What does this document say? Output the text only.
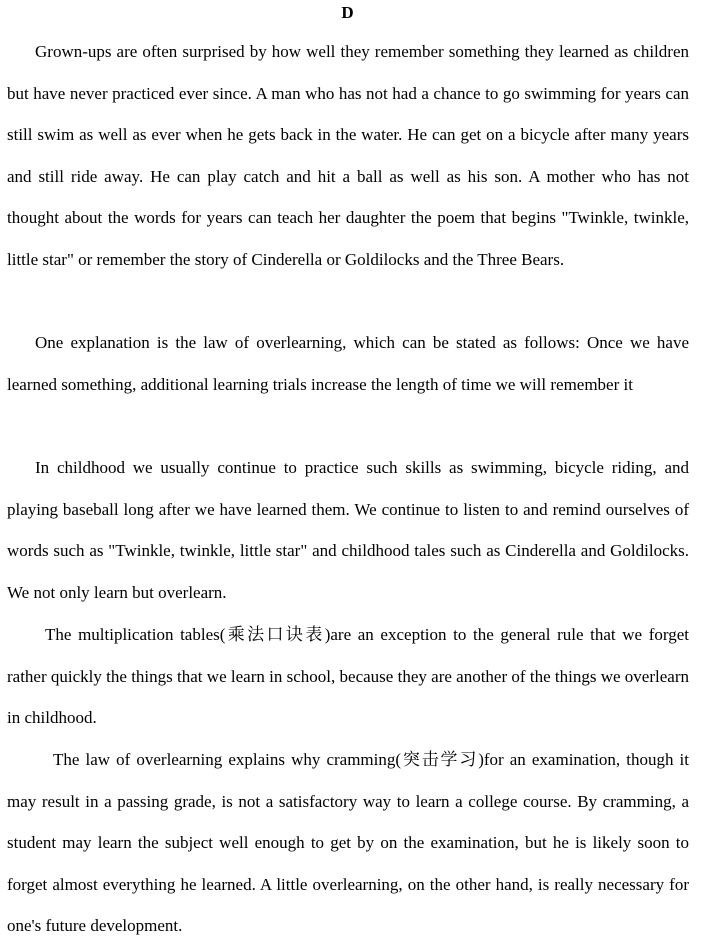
D

Grown-ups are often surprised by how well they remember something they learned as children but have never practiced ever since. A man who has not had a chance to go swimming for years can still swim as well as ever when he gets back in the water. He can get on a bicycle after many years and still ride away. He can play catch and hit a ball as well as his son. A mother who has not thought about the words for years can teach her daughter the poem that begins "Twinkle, twinkle, little star" or remember the story of Cinderella or Goldilocks and the Three Bears.

One explanation is the law of overlearning, which can be stated as follows: Once we have learned something, additional learning trials increase the length of time we will remember it

In childhood we usually continue to practice such skills as swimming, bicycle riding, and playing baseball long after we have learned them. We continue to listen to and remind ourselves of words such as "Twinkle, twinkle, little star" and childhood tales such as Cinderella and Goldilocks. We not only learn but overlearn.

The multiplication tables(乘法口诀表)are an exception to the general rule that we forget rather quickly the things that we learn in school, because they are another of the things we overlearn in childhood.

The law of overlearning explains why cramming(突击学习)for an examination, though it may result in a passing grade, is not a satisfactory way to learn a college course. By cramming, a student may learn the subject well enough to get by on the examination, but he is likely soon to forget almost everything he learned. A little overlearning, on the other hand, is really necessary for one's future development.
